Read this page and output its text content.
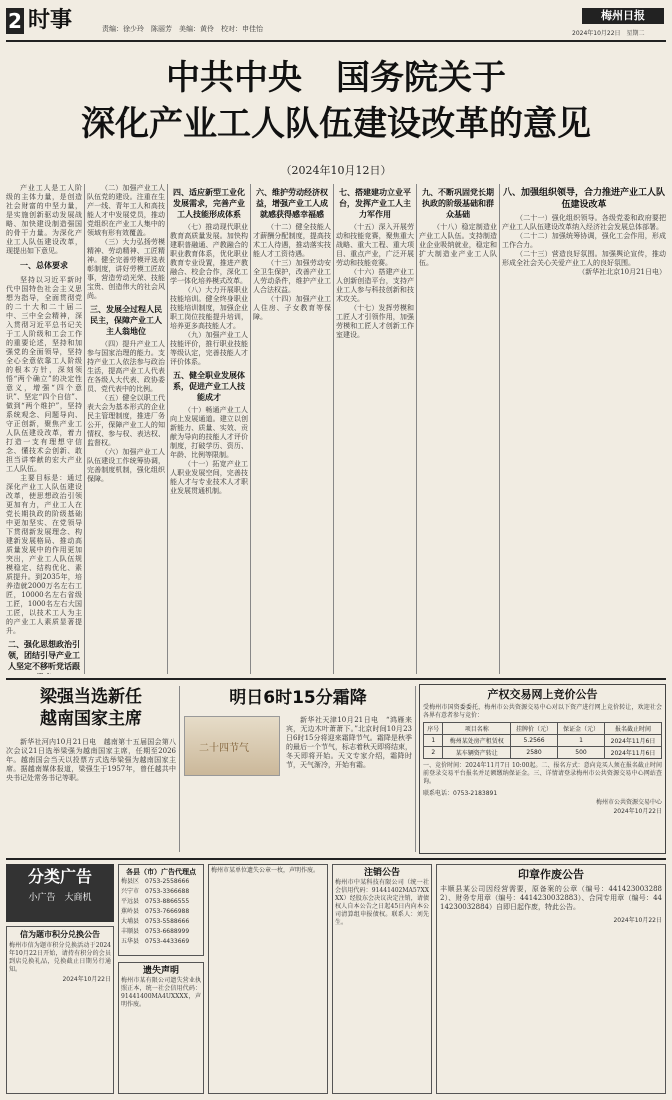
2 时事	责编：徐少玲　陈丽芳　美编：黄伶　校对：申佳怡
梅州日报
2024年10月22日　星期二
中共中央　国务院关于
深化产业工人队伍建设改革的意见
（2024年10月12日）

产业工人是工人阶级的主体力量，是创造社会财富的中坚力量，是实施创新驱动发展战略、加快建设制造强国的骨干力量。为深化产业工人队伍建设改革，现提出如下意见。

一、总体要求

坚持以习近平新时代中国特色社会主义思想为指导，全面贯彻党的二十大和二十届二中、三中全会精神，深入贯彻习近平总书记关于工人阶级和工会工作的重要论述，坚持和加强党的全面领导，坚持全心全意依靠工人阶级的根本方针，深刻领悟“两个确立”的决定性意义，增强“四个意识”、坚定“四个自信”、做到“两个维护”，坚持系统观念、问题导向、守正创新，聚焦产业工人队伍建设改革，着力打造一支有理想守信念、懂技术会创新、敢担当讲奉献的宏大产业工人队伍。

主要目标是：通过深化产业工人队伍建设改革，使思想政治引领更加有力，产业工人在党长期执政的阶级基础中更加坚实、在党领导下贯彻新发展理念、构建新发展格局、推动高质量发展中的作用更加突出，产业工人队伍规模稳定、结构优化、素质提升。到2035年，培养造就2000万名左右工匠，10000名左右省级工匠，1000名左右大国工匠，以技术工人为主的产业工人素质显著提升。

二、强化思想政治引领，团结引导产业工人坚定不移听党话跟

（二）加强产业工人队伍党的建设。注重在生产一线、青年工人和高技能人才中发展党员，推动党组织在产业工人集中的领域有形有效覆盖。

（三）大力弘扬劳模精神、劳动精神、工匠精神。健全完善劳模评选表彰制度，讲好劳模工匠故事，营造劳动光荣、技能宝贵、创造伟大的社会风尚。

三、发展全过程人民民主，保障产业工人主人翁地位

（四）提升产业工人参与国家治理的能力。支持产业工人依法参与政治生活，提高产业工人代表在各级人大代表、政协委员、党代表中的比例。

（五）健全以职工代表大会为基本形式的企业民主管理制度，推进厂务公开，保障产业工人的知情权、参与权、表达权、监督权。

（六）加强产业工人队伍建设工作统筹协调，完善制度机制，强化组织保障。

四、适应新型工业化发展需求，完善产业工人技能形成体系

（七）推动现代职业教育高质量发展。加快构建职普融通、产教融合的职业教育体系，优化职业教育专业设置，推进产教融合、校企合作，深化工学一体化培养模式改革。

（八）大力开展职业技能培训。健全终身职业技能培训制度，加强企业职工岗位技能提升培训，培养更多高技能人才。

（九）加强产业工人技能评价，推行职业技能等级认定，完善技能人才评价体系。

五、健全职业发展体系，促进产业工人技能成才

（十）畅通产业工人向上发展通道。建立以创新能力、质量、实效、贡献为导向的技能人才评价制度，打破学历、资历、年龄、比例等限制。

（十一）拓宽产业工人职业发展空间，完善技能人才与专业技术人才职业发展贯通机制。

六、维护劳动经济权益，增强产业工人成就感获得感幸福感

（十二）健全技能人才薪酬分配制度，提高技术工人待遇，推动落实技能人才工资待遇。

（十三）加强劳动安全卫生保护，改善产业工人劳动条件，维护产业工人合法权益。

（十四）加强产业工人住房、子女教育等保障。

七、搭建建功立业平台，发挥产业工人主力军作用

（十五）深入开展劳动和技能竞赛，聚焦重大战略、重大工程、重大项目、重点产业，广泛开展劳动和技能竞赛。

（十六）搭建产业工人创新创造平台，支持产业工人参与科技创新和技术攻关。

（十七）发挥劳模和工匠人才引领作用，加强劳模和工匠人才创新工作室建设。

九、不断巩固党长期执政的阶级基础和群众基础

（十八）稳定制造业产业工人队伍。支持制造业企业吸纳就业，稳定和扩大制造业产业工人队伍。

八、加强组织领导，合力推进产业工人队伍建设改革

（二十一）强化组织领导。各级党委和政府要把产业工人队伍建设改革纳入经济社会发展总体部署。

（二十二）加强统筹协调，强化工会作用，形成工作合力。

（二十三）营造良好氛围。加强舆论宣传，推动形成全社会关心关爱产业工人的良好氛围。

（新华社北京10月21日电）

梁强当选新任
越南国家主席
新华社河内10月21日电　越南第十五届国会第八次会议21日选举梁强为越南国家主席，任期至2026年。越南国会当天以投票方式选举梁强为越南国家主席。据越南媒体报道，梁强生于1957年，曾任越共中央书记处常务书记等职。
明日6时15分霜降
二十四节气
新华社天津10月21日电　“鸿雁来宾，无边木叶萧萧下。”北京时间10月23日6时15分将迎来霜降节气。霜降是秋季的最后一个节气，标志着秋天即将结束，冬天即将开始。天文专家介绍，霜降时节，天气渐冷，开始有霜。
产权交易网上竞价公告
受梅州市国资委委托，梅州市公共资源交易中心对以下资产进行网上竞价转让，欢迎社会各界有意者参与竞价：
序号	项目名称	挂牌价（元）	保证金（元）	报名截止时间
1	梅州某处房产租赁权	5.2566	1	2024年11月6日
2	某车辆资产转让	2580	500	2024年11月6日
一、竞价时间：2024年11月7日 10:00起。二、报名方式：意向竞买人须在报名截止时间前登录交易平台报名并足额缴纳保证金。三、详情请登录梅州市公共资源交易中心网站查询。
联系电话：0753-2183891
梅州市公共资源交易中心
2024年10月22日
分类广告
小广告　大商机
信为题市积分兑换公告
梅州市信为题市积分兑换活动于2024年10月22日开始，请持有积分的会员到店兑换礼品，兑换截止日期另行通知。
2024年10月22日
各县（市）广告代理点
梅县区　 0753-2558666
兴宁市　 0753-3366688
平远县　 0753-8866555
蕉岭县　 0753-7666988
大埔县　 0753-5588666
丰顺县　 0753-6688999
五华县　 0753-4433669
遗失声明
梅州市某有限公司遗失营业执照正本，统一社会信用代码：91441400MA4UXXXX，声明作废。
梅州市某单位遗失公章一枚，声明作废。	注销公告
梅州市中某科技有限公司（统一社会信用代码：91441402MA57XXXX）经股东会决议决定注销，请债权人自本公告之日起45日内向本公司清算组申报债权。联系人：刘先生。
印章作废公告
丰顺县某公司因经营需要，原备案的公章（编号：4414230032882）、财务专用章（编号：4414230032883）、合同专用章（编号：4414230032884）自即日起作废，特此公告。
2024年10月22日
